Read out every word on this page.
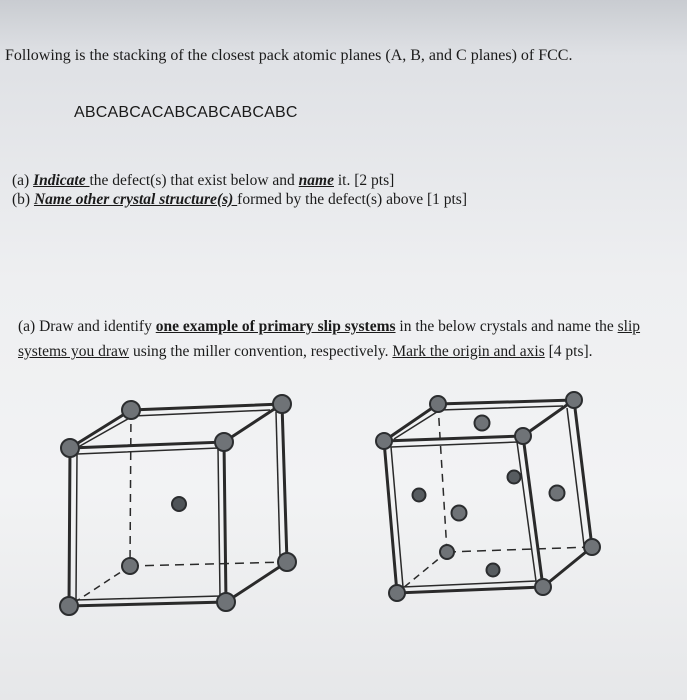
Following is the stacking of the closest pack atomic planes (A, B, and C planes) of FCC.
ABCABCACABCABCABCABC
(a) Indicate the defect(s) that exist below and name it. [2 pts]
(b) Name other crystal structure(s) formed by the defect(s) above [1 pts]
(a) Draw and identify one example of primary slip systems in the below crystals and name the slip
systems you draw using the miller convention, respectively. Mark the origin and axis [4 pts].
